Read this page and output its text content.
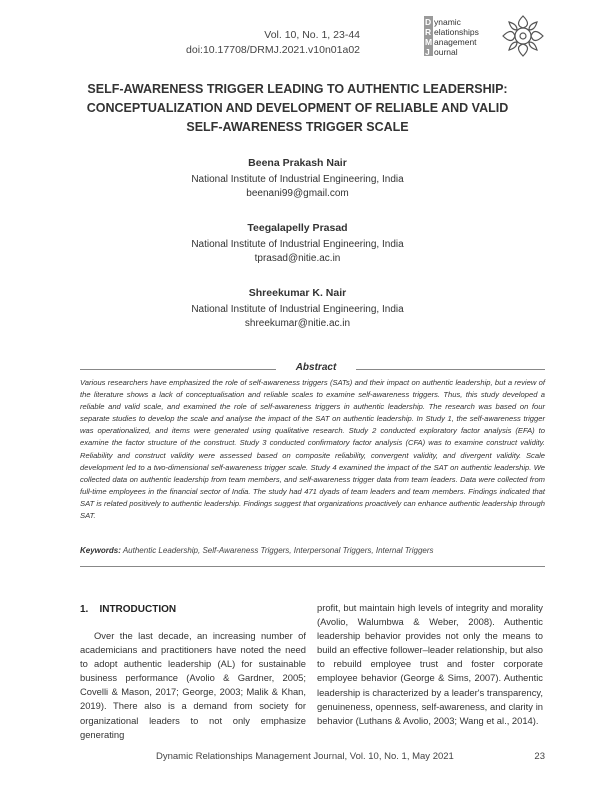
Vol. 10, No. 1, 23-44
doi:10.17708/DRMJ.2021.v10n01a02
D ynamic
R elationships
M anagement
J ournal
SELF-AWARENESS TRIGGER LEADING TO AUTHENTIC LEADERSHIP:
CONCEPTUALIZATION AND DEVELOPMENT OF RELIABLE AND VALID
SELF-AWARENESS TRIGGER SCALE
Beena Prakash Nair
National Institute of Industrial Engineering, India
beenani99@gmail.com
Teegalapelly Prasad
National Institute of Industrial Engineering, India
tprasad@nitie.ac.in
Shreekumar K. Nair
National Institute of Industrial Engineering, India
shreekumar@nitie.ac.in
Abstract
Various researchers have emphasized the role of self-awareness triggers (SATs) and their impact on authentic leadership, but a review of the literature shows a lack of conceptualisation and reliable scales to examine self-awareness triggers. Thus, this study developed a reliable and valid scale, and examined the role of self-awareness triggers in authentic leadership. The research was based on four separate studies to develop the scale and analyse the impact of the SAT on authentic leadership. In Study 1, the self-awareness trigger was operationalized, and items were generated using qualitative research. Study 2 conducted exploratory factor analysis (EFA) to examine the factor structure of the construct. Study 3 conducted confirmatory factor analysis (CFA) was to examine construct validity. Reliability and construct validity were assessed based on composite reliability, convergent validity, and divergent validity. Scale development led to a two-dimensional self-awareness trigger scale. Study 4 examined the impact of the SAT on authentic leadership. We collected data on authentic leadership from team members, and self-awareness trigger data from team leaders. Data were collected from full-time employees in the financial sector of India. The study had 471 dyads of team leaders and team members. Findings indicated that SAT is related positively to authentic leadership. Findings suggest that organizations proactively can enhance authentic leadership through SAT.
Keywords: Authentic Leadership, Self-Awareness Triggers, Interpersonal Triggers, Internal Triggers
1.    INTRODUCTION
Over the last decade, an increasing number of academicians and practitioners have noted the need to adopt authentic leadership (AL) for sustainable business performance (Avolio & Gardner, 2005; Covelli & Mason, 2017; George, 2003; Malik & Khan, 2019). There also is a demand from society for organizational leaders to not only emphasize generating
profit, but maintain high levels of integrity and morality (Avolio, Walumbwa & Weber, 2008). Authentic leadership behavior provides not only the means to build an effective follower–leader relationship, but also to rebuild employee trust and foster corporate employee behavior (George & Sims, 2007). Authentic leadership is characterized by a leader's transparency, genuineness, openness, self-awareness, and clarity in behavior (Luthans & Avolio, 2003; Wang et al., 2014).
Dynamic Relationships Management Journal, Vol. 10, No. 1, May 2021	23
